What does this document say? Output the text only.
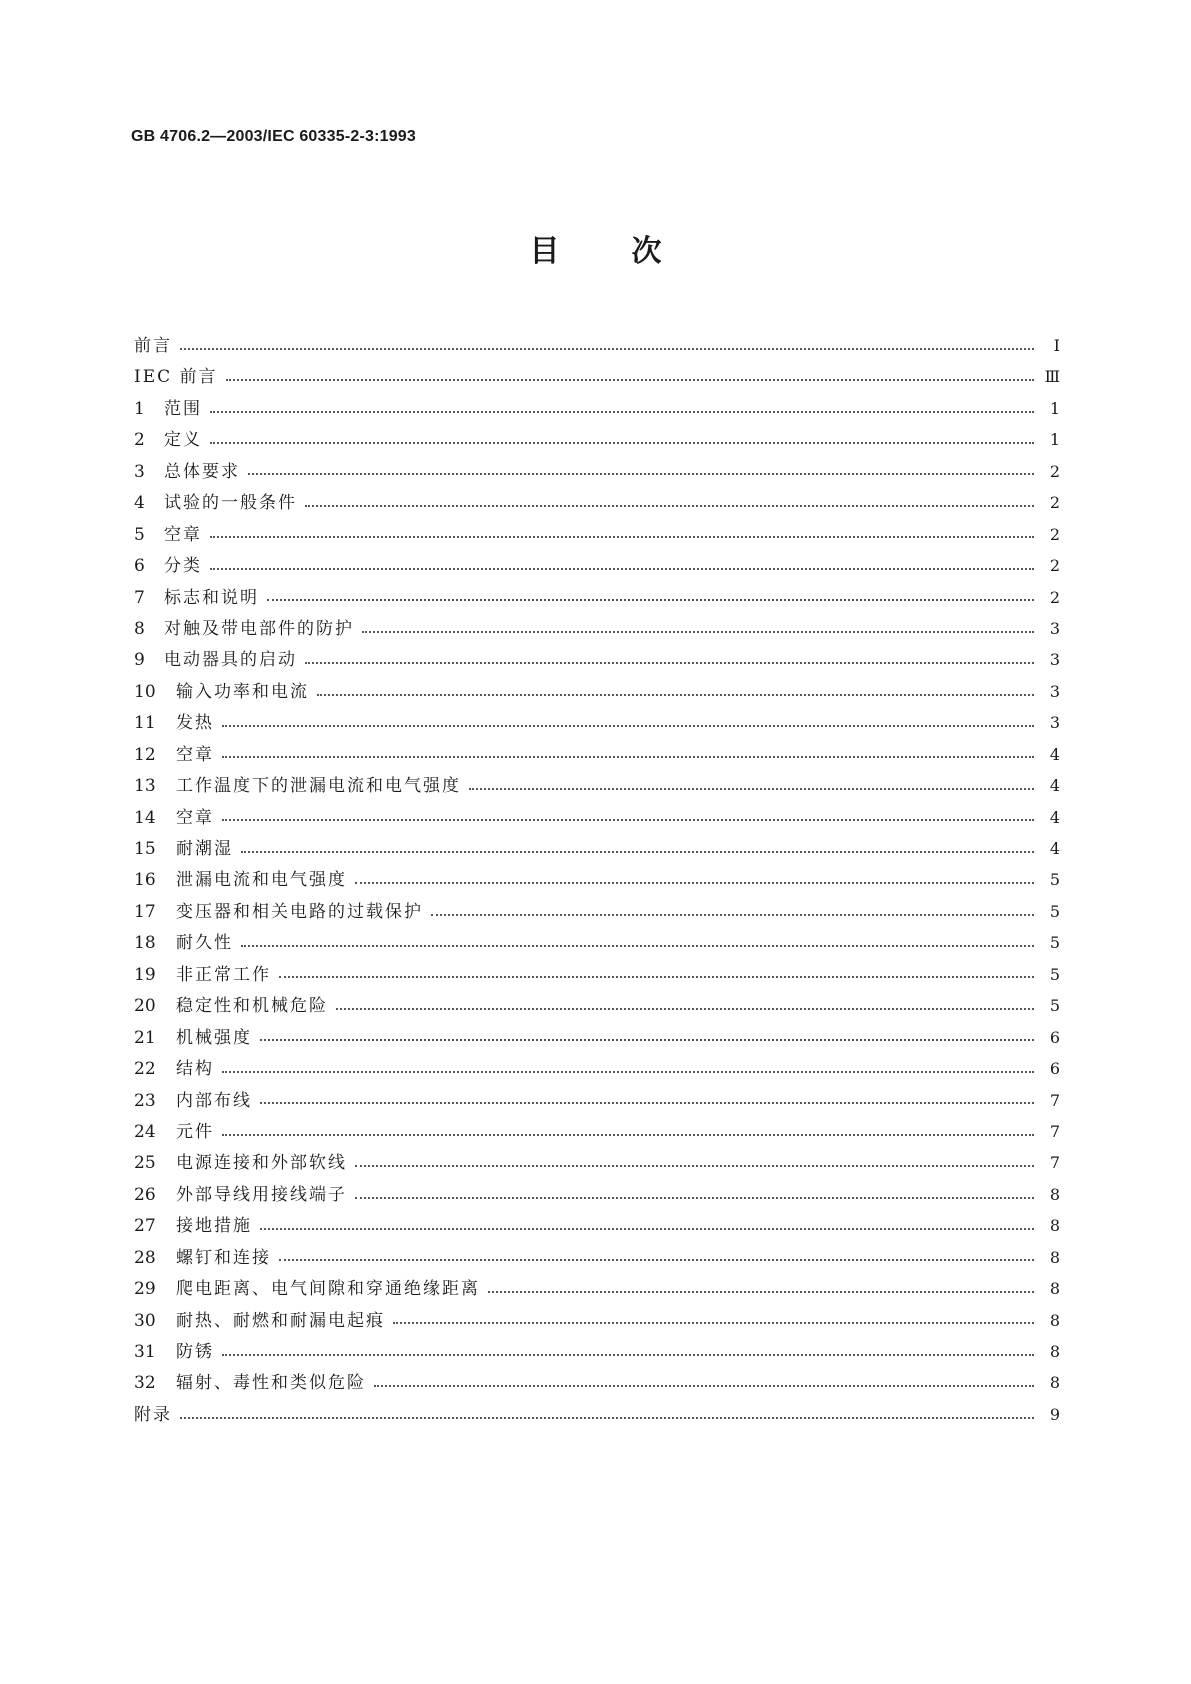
GB 4706.2—2003/IEC 60335-2-3:1993
目次
前言	I
IEC 前言	Ⅲ
1	范围	1
2	定义	1
3	总体要求	2
4	试验的一般条件	2
5	空章	2
6	分类	2
7	标志和说明	2
8	对触及带电部件的防护	3
9	电动器具的启动	3
10	输入功率和电流	3
11	发热	3
12	空章	4
13	工作温度下的泄漏电流和电气强度	4
14	空章	4
15	耐潮湿	4
16	泄漏电流和电气强度	5
17	变压器和相关电路的过载保护	5
18	耐久性	5
19	非正常工作	5
20	稳定性和机械危险	5
21	机械强度	6
22	结构	6
23	内部布线	7
24	元件	7
25	电源连接和外部软线	7
26	外部导线用接线端子	8
27	接地措施	8
28	螺钉和连接	8
29	爬电距离、电气间隙和穿通绝缘距离	8
30	耐热、耐燃和耐漏电起痕	8
31	防锈	8
32	辐射、毒性和类似危险	8
附录	9
